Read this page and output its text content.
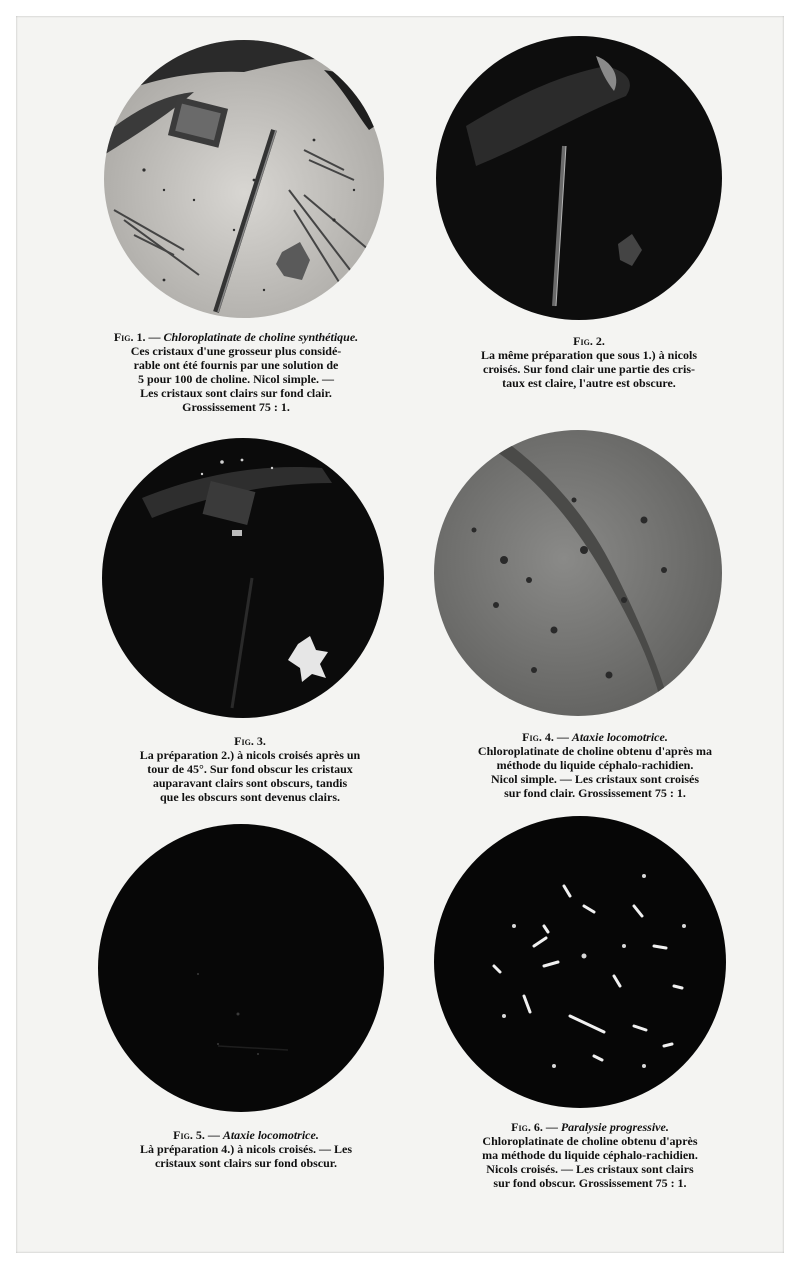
Fig. 1. — Chloroplatinate de choline synthétique.
Ces cristaux d'une grosseur plus considé-
rable ont été fournis par une solution de
5 pour 100 de choline. Nicol simple. —
Les cristaux sont clairs sur fond clair.
Grossissement 75 : 1.
Fig. 2.
La même préparation que sous 1.) à nicols
croisés. Sur fond clair une partie des cris-
taux est claire, l'autre est obscure.
Fig. 3.
La préparation 2.) à nicols croisés après un
tour de 45°. Sur fond obscur les cristaux
auparavant clairs sont obscurs, tandis
que les obscurs sont devenus clairs.
Fig. 4. — Ataxie locomotrice.
Chloroplatinate de choline obtenu d'après ma
méthode du liquide céphalo-rachidien.
Nicol simple. — Les cristaux sont croisés
sur fond clair. Grossissement 75 : 1.
Fig. 5. — Ataxie locomotrice.
Là préparation 4.) à nicols croisés. — Les
cristaux sont clairs sur fond obscur.
Fig. 6. — Paralysie progressive.
Chloroplatinate de choline obtenu d'après
ma méthode du liquide céphalo-rachidien.
Nicols croisés. — Les cristaux sont clairs
sur fond obscur. Grossissement 75 : 1.
